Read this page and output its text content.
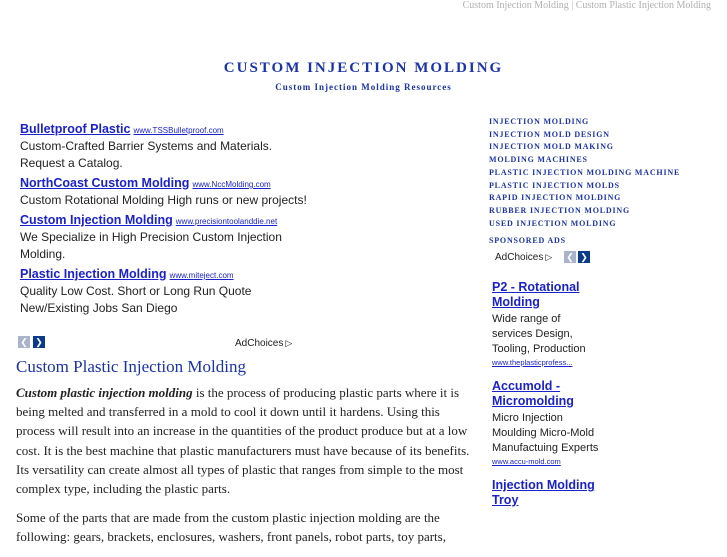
Custom Injection Molding | Custom Plastic Injection Molding
CUSTOM INJECTION MOLDING
Custom Injection Molding Resources
Bulletproof Plastic www.TSSBulletproof.com
Custom-Crafted Barrier Systems and Materials. Request a Catalog.
NorthCoast Custom Molding www.NccMolding.com
Custom Rotational Molding High runs or new projects!
Custom Injection Molding www.precisiontoolanddie.net
We Specialize in High Precision Custom Injection Molding.
Plastic Injection Molding www.miteject.com
Quality Low Cost. Short or Long Run Quote New/Existing Jobs San Diego
❮ ❯	AdChoices ▷
Custom Plastic Injection Molding

Custom plastic injection molding is the process of producing plastic parts where it is being melted and transferred in a mold to cool it down until it hardens. Using this process will result into an increase in the quantities of the product produce but at a low cost. It is the best machine that plastic manufacturers must have because of its benefits. Its versatility can create almost all types of plastic that ranges from simple to the most complex type, including the plastic parts.

Some of the parts that are made from the custom plastic injection molding are the following: gears, brackets, enclosures, washers, front panels, robot parts, toy parts,

INJECTION MOLDING
INJECTION MOLD DESIGN
INJECTION MOLD MAKING
MOLDING MACHINES
PLASTIC INJECTION MOLDING MACHINE
PLASTIC INJECTION MOLDS
RAPID INJECTION MOLDING
RUBBER INJECTION MOLDING
USED INJECTION MOLDING
SPONSORED ADS
AdChoices ▷ ❮ ❯
P2 - Rotational Molding
Wide range of services Design, Tooling, Production
www.theplasticprofess...
Accumold - Micromolding
Micro Injection Moulding Micro-Mold Manufactuing Experts
www.accu-mold.com
Injection Molding Troy
